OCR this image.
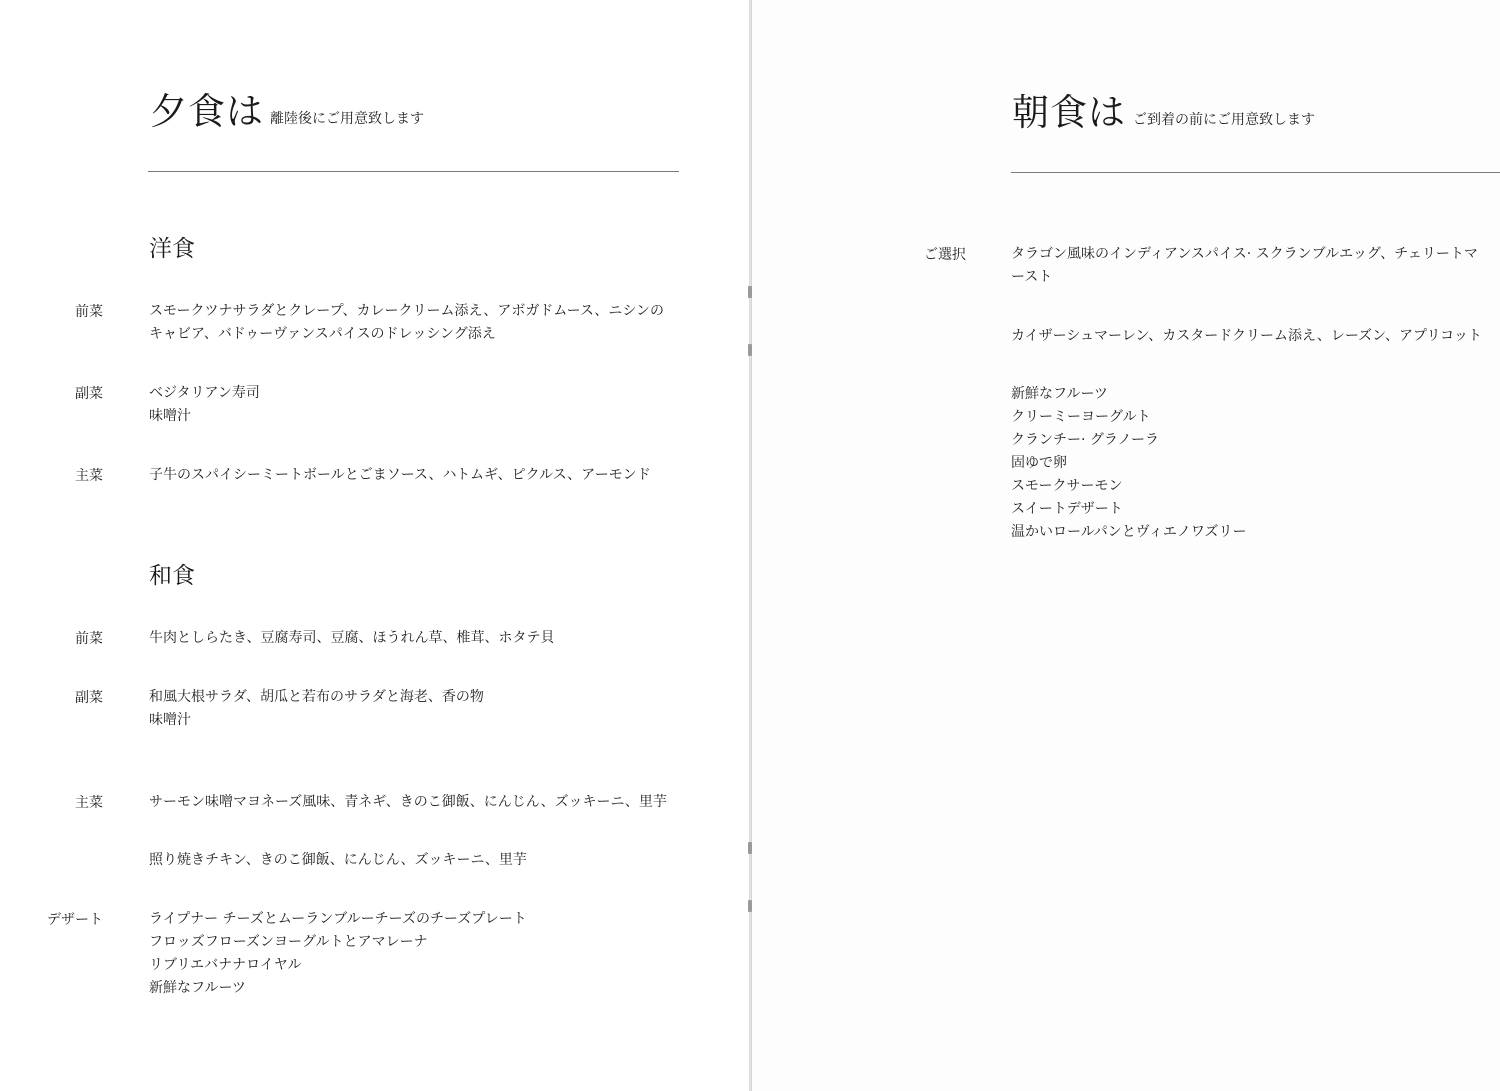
夕食は 離陸後にご用意致します
洋食
前菜	スモークツナサラダとクレープ、カレークリーム添え、アボガドムース、ニシンの
キャビア、バドゥーヴァンスパイスのドレッシング添え
副菜	ベジタリアン寿司
味噌汁
主菜	子牛のスパイシーミートボールとごまソース、ハトムギ、ピクルス、アーモンド
和食
前菜	牛肉としらたき、豆腐寿司、豆腐、ほうれん草、椎茸、ホタテ貝
副菜	和風大根サラダ、胡瓜と若布のサラダと海老、香の物
味噌汁
主菜	サーモン味噌マヨネーズ風味、青ネギ、きのこ御飯、にんじん、ズッキーニ、里芋
照り焼きチキン、きのこ御飯、にんじん、ズッキーニ、里芋
デザート	ライプナー チーズとムーランブルーチーズのチーズプレート
フロッズフローズンヨーグルトとアマレーナ
リブリエバナナロイヤル
新鮮なフルーツ
朝食は ご到着の前にご用意致します
ご選択	タラゴン風味のインディアンスパイス· スクランブルエッグ、チェリートマ
ースト
カイザーシュマーレン、カスタードクリーム添え、レーズン、アプリコット
新鮮なフルーツ
クリーミーヨーグルト
クランチー· グラノーラ
固ゆで卵
スモークサーモン
スイートデザート
温かいロールパンとヴィエノワズリー
